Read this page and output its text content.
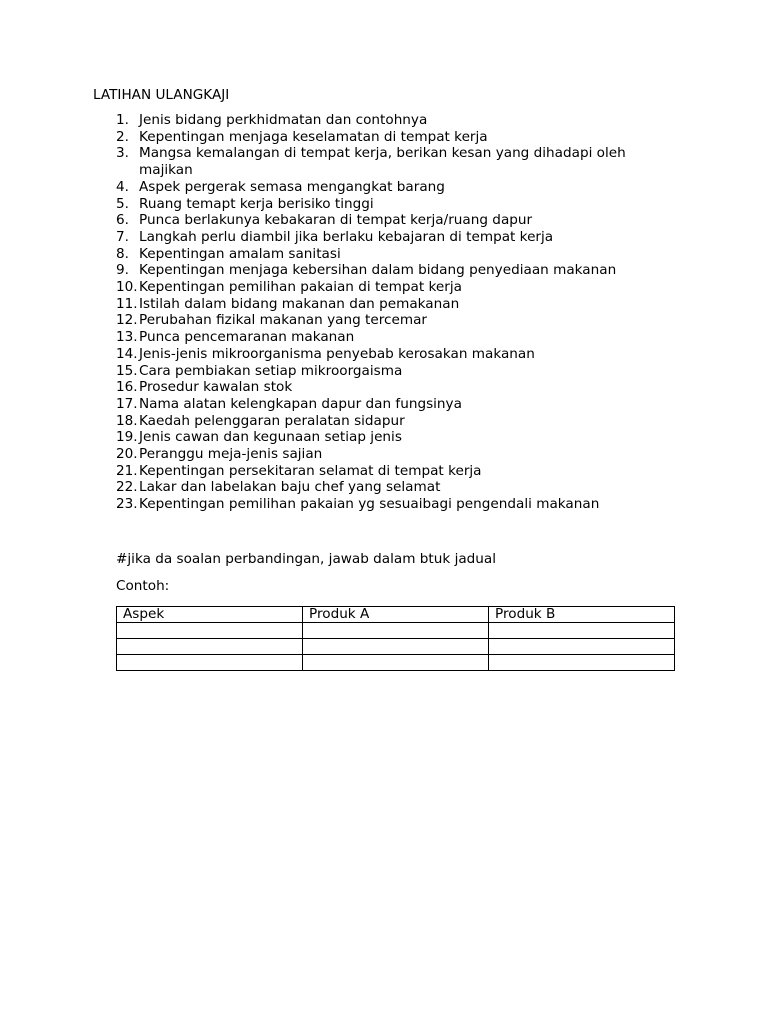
LATIHAN ULANGKAJI
1. Jenis bidang perkhidmatan dan contohnya
2. Kepentingan menjaga keselamatan di tempat kerja
3. Mangsa kemalangan di tempat kerja, berikan kesan yang dihadapi oleh majikan
4. Aspek pergerak semasa mengangkat barang
5. Ruang temapt kerja berisiko tinggi
6. Punca berlakunya kebakaran di tempat kerja/ruang dapur
7. Langkah perlu diambil jika berlaku kebajaran di tempat kerja
8. Kepentingan amalam sanitasi
9. Kepentingan menjaga kebersihan dalam bidang penyediaan makanan
10. Kepentingan pemilihan pakaian di tempat kerja
11. Istilah dalam bidang makanan dan pemakanan
12. Perubahan fizikal makanan yang tercemar
13. Punca pencemaranan makanan
14. Jenis-jenis mikroorganisma penyebab kerosakan makanan
15. Cara pembiakan setiap mikroorgaisma
16. Prosedur kawalan stok
17. Nama alatan kelengkapan dapur dan fungsinya
18. Kaedah pelenggaran peralatan sidapur
19. Jenis cawan dan kegunaan setiap jenis
20. Peranggu meja-jenis sajian
21. Kepentingan persekitaran selamat di tempat kerja
22. Lakar dan labelakan baju chef yang selamat
23. Kepentingan pemilihan pakaian yg sesuaibagi pengendali makanan
#jika da soalan perbandingan, jawab dalam btuk jadual
Contoh:
Aspek	Produk A	Produk B
